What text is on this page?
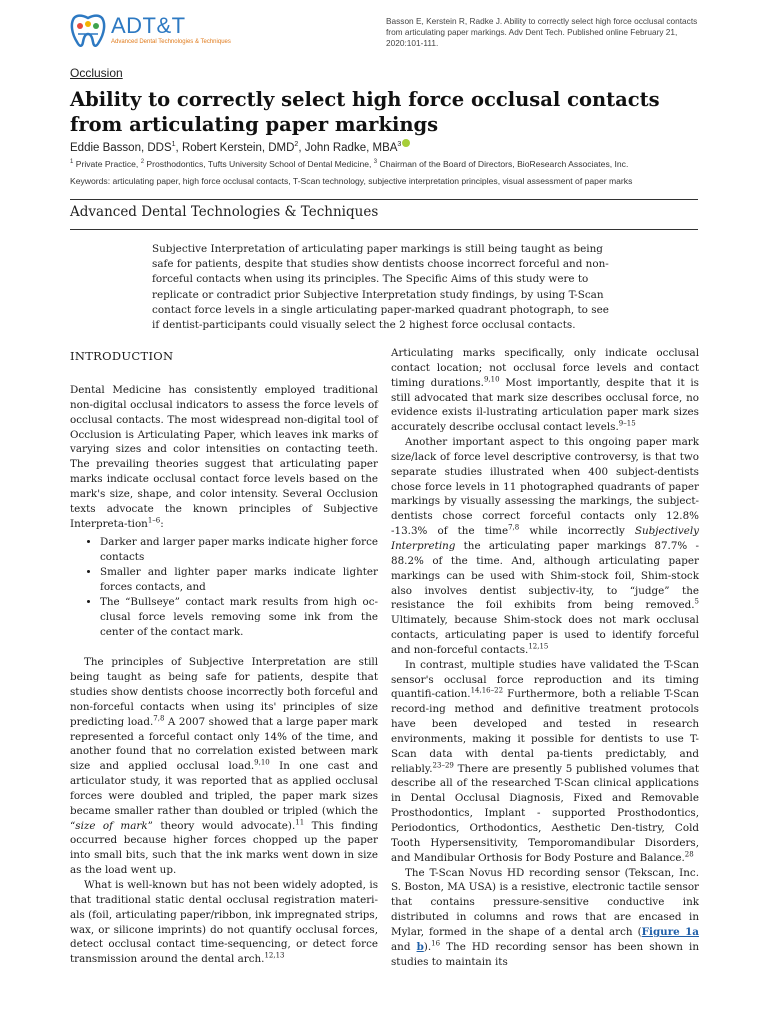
ADT&T
Advanced Dental Technologies & Techniques
Basson E, Kerstein R, Radke J. Ability to correctly select high force occlusal contacts from articulating paper markings. Adv Dent Tech. Published online February 21, 2020:101-111.
Occlusion
Ability to correctly select high force occlusal contacts from articulating paper markings
Eddie Basson, DDS$^1$, Robert Kerstein, DMD$^2$, John Radke, MBA$^3$
$^1$ Private Practice, $^2$ Prosthodontics, Tufts University School of Dental Medicine, $^3$ Chairman of the Board of Directors, BioResearch Associates, Inc.
Keywords: articulating paper, high force occlusal contacts, T-Scan technology, subjective interpretation principles, visual assessment of paper marks
Advanced Dental Technologies & Techniques

Subjective Interpretation of articulating paper markings is still being taught as being safe for patients, despite that studies show dentists choose incorrect forceful and non-forceful contacts when using its principles. The Specific Aims of this study were to replicate or contradict prior Subjective Interpretation study findings, by using T-Scan contact force levels in a single articulating paper-marked quadrant photograph, to see if dentist-participants could visually select the 2 highest force occlusal contacts.

INTRODUCTION

Dental Medicine has consistently employed traditional non-digital occlusal indicators to assess the force levels of occlusal contacts. The most widespread non-digital tool of Occlusion is Articulating Paper, which leaves ink marks of varying sizes and color intensities on contacting teeth. The prevailing theories suggest that articulating paper marks indicate occlusal contact force levels based on the mark's size, shape, and color intensity. Several Occlusion texts advocate the known principles of Subjective Interpreta-tion$^{1-6}$:

• Darker and larger paper marks indicate higher force contacts
• Smaller and lighter paper marks indicate lighter forces contacts, and
• The “Bullseye” contact mark results from high oc-clusal force levels removing some ink from the center of the contact mark.

The principles of Subjective Interpretation are still being taught as being safe for patients, despite that studies show dentists choose incorrectly both forceful and non-forceful contacts when using its' principles of size predicting load.$^{7,8}$ A 2007 showed that a large paper mark represented a forceful contact only 14% of the time, and another found that no correlation existed between mark size and applied occlusal load.$^{9,10}$ In one cast and articulator study, it was reported that as applied occlusal forces were doubled and tripled, the paper mark sizes became smaller rather than doubled or tripled (which the “size of mark” theory would advocate).$^{11}$ This finding occurred because higher forces chopped up the paper into small bits, such that the ink marks went down in size as the load went up.

What is well-known but has not been widely adopted, is that traditional static dental occlusal registration materi-als (foil, articulating paper/ribbon, ink impregnated strips, wax, or silicone imprints) do not quantify occlusal forces, detect occlusal contact time-sequencing, or detect force transmission around the dental arch.$^{12,13}$

Articulating marks specifically, only indicate occlusal contact location; not occlusal force levels and contact timing durations.$^{9,10}$ Most importantly, despite that it is still advocated that mark size describes occlusal force, no evidence exists il-lustrating articulation paper mark sizes accurately describe occlusal contact levels.$^{9-15}$

Another important aspect to this ongoing paper mark size/lack of force level descriptive controversy, is that two separate studies illustrated when 400 subject-dentists chose force levels in 11 photographed quadrants of paper markings by visually assessing the markings, the subject-dentists chose correct forceful contacts only 12.8% -13.3% of the time$^{7,8}$ while incorrectly Subjectively Interpreting the articulating paper markings 87.7% - 88.2% of the time. And, although articulating paper markings can be used with Shim-stock foil, Shim-stock also involves dentist subjectiv-ity, to “judge” the resistance the foil exhibits from being removed.$^5$ Ultimately, because Shim-stock does not mark occlusal contacts, articulating paper is used to identify forceful and non-forceful contacts.$^{12,15}$

In contrast, multiple studies have validated the T-Scan sensor's occlusal force reproduction and its timing quantifi-cation.$^{14,16-22}$ Furthermore, both a reliable T-Scan record-ing method and definitive treatment protocols have been developed and tested in research environments, making it possible for dentists to use T-Scan data with dental pa-tients predictably, and reliably.$^{23-29}$ There are presently 5 published volumes that describe all of the researched T-Scan clinical applications in Dental Occlusal Diagnosis, Fixed and Removable Prosthodontics, Implant - supported Prosthodontics, Periodontics, Orthodontics, Aesthetic Den-tistry, Cold Tooth Hypersensitivity, Temporomandibular Disorders, and Mandibular Orthosis for Body Posture and Balance.$^{28}$

The T-Scan Novus HD recording sensor (Tekscan, Inc. S. Boston, MA USA) is a resistive, electronic tactile sensor that contains pressure-sensitive conductive ink distributed in columns and rows that are encased in Mylar, formed in the shape of a dental arch (Figure 1a and b).$^{16}$ The HD recording sensor has been shown in studies to maintain its
